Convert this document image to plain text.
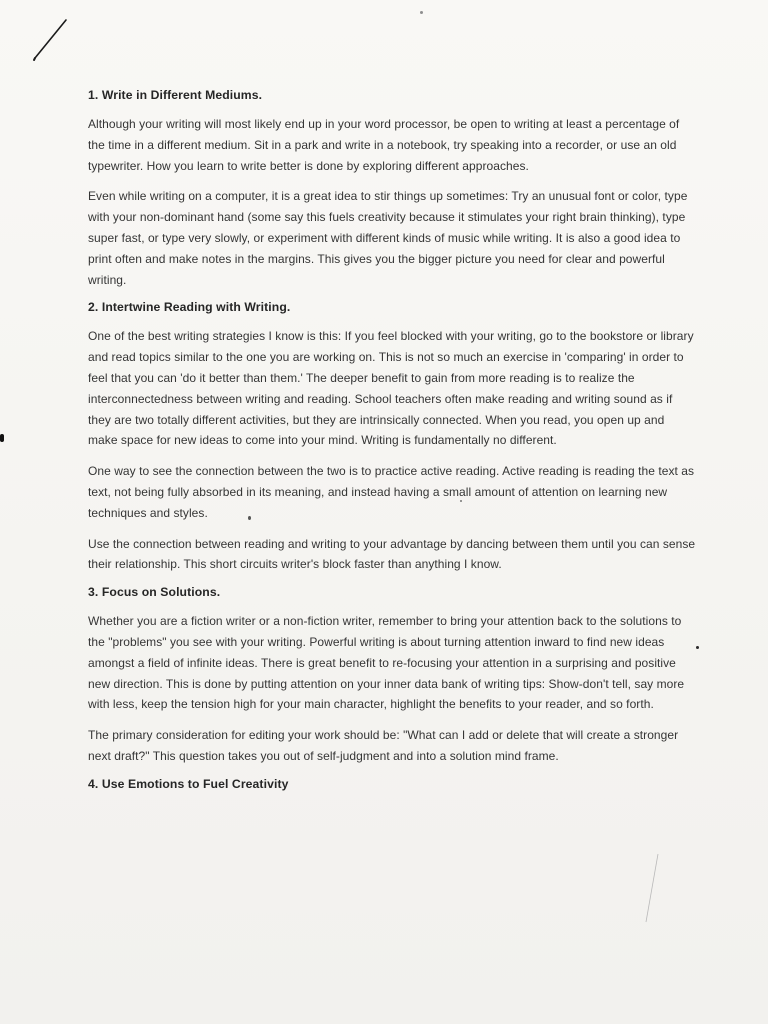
1. Write in Different Mediums.

Although your writing will most likely end up in your word processor, be open to writing at least a percentage of the time in a different medium. Sit in a park and write in a notebook, try speaking into a recorder, or use an old typewriter. How you learn to write better is done by exploring different approaches.

Even while writing on a computer, it is a great idea to stir things up sometimes: Try an unusual font or color, type with your non-dominant hand (some say this fuels creativity because it stimulates your right brain thinking), type super fast, or type very slowly, or experiment with different kinds of music while writing. It is also a good idea to print often and make notes in the margins. This gives you the bigger picture you need for clear and powerful writing.

2. Intertwine Reading with Writing.

One of the best writing strategies I know is this: If you feel blocked with your writing, go to the bookstore or library and read topics similar to the one you are working on. This is not so much an exercise in 'comparing' in order to feel that you can 'do it better than them.' The deeper benefit to gain from more reading is to realize the interconnectedness between writing and reading. School teachers often make reading and writing sound as if they are two totally different activities, but they are intrinsically connected. When you read, you open up and make space for new ideas to come into your mind. Writing is fundamentally no different.

One way to see the connection between the two is to practice active reading. Active reading is reading the text as text, not being fully absorbed in its meaning, and instead having a small amount of attention on learning new techniques and styles.

Use the connection between reading and writing to your advantage by dancing between them until you can sense their relationship. This short circuits writer's block faster than anything I know.

3. Focus on Solutions.

Whether you are a fiction writer or a non-fiction writer, remember to bring your attention back to the solutions to the "problems" you see with your writing. Powerful writing is about turning attention inward to find new ideas amongst a field of infinite ideas. There is great benefit to re-focusing your attention in a surprising and positive new direction. This is done by putting attention on your inner data bank of writing tips: Show-don't tell, say more with less, keep the tension high for your main character, highlight the benefits to your reader, and so forth.

The primary consideration for editing your work should be: "What can I add or delete that will create a stronger next draft?" This question takes you out of self-judgment and into a solution mind frame.

4. Use Emotions to Fuel Creativity
